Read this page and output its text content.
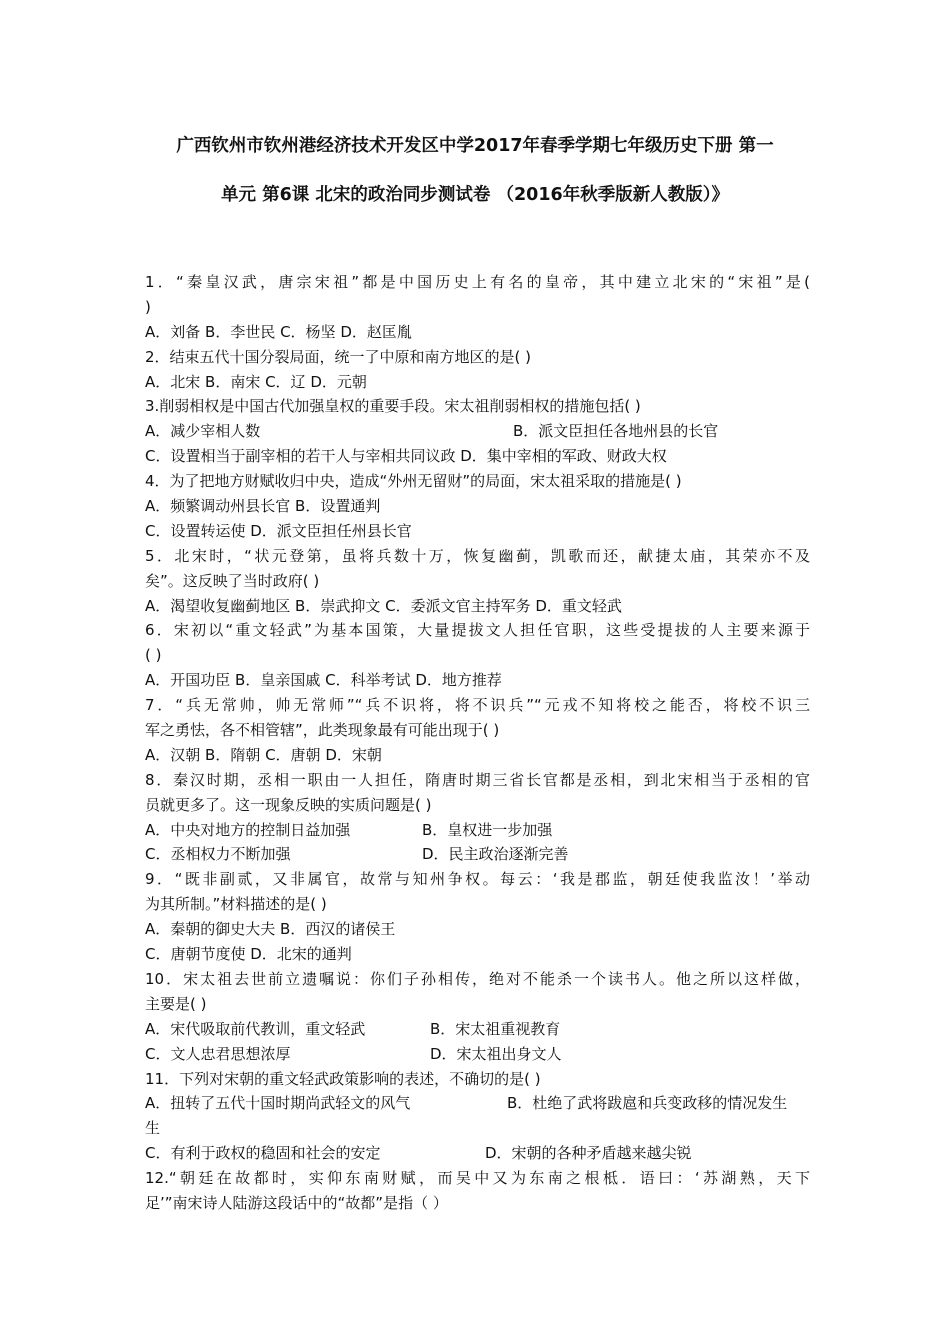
广西钦州市钦州港经济技术开发区中学2017年春季学期七年级历史下册 第一
单元 第6课 北宋的政治同步测试卷 （2016年秋季版新人教版）》
1．“秦皇汉武，唐宗宋祖”都是中国历史上有名的皇帝，其中建立北宋的“宋祖”是(
)
A．刘备 B．李世民 C．杨坚 D．赵匡胤
2．结束五代十国分裂局面，统一了中原和南方地区的是( )
A．北宋 B．南宋 C．辽 D．元朝
3.削弱相权是中国古代加强皇权的重要手段。宋太祖削弱相权的措施包括( )
A．减少宰相人数	B．派文臣担任各地州县的长官
C．设置相当于副宰相的若干人与宰相共同议政 D．集中宰相的军政、财政大权
4．为了把地方财赋收归中央，造成“外州无留财”的局面，宋太祖采取的措施是( )
A．频繁调动州县长官 B．设置通判
C．设置转运使 D．派文臣担任州县长官
5．北宋时，“状元登第，虽将兵数十万，恢复幽蓟，凯歌而还，献捷太庙，其荣亦不及
矣”。这反映了当时政府( )
A．渴望收复幽蓟地区 B．崇武抑文 C．委派文官主持军务 D．重文轻武
6．宋初以“重文轻武”为基本国策，大量提拔文人担任官职，这些受提拔的人主要来源于
( )
A．开国功臣 B．皇亲国戚 C．科举考试 D．地方推荐
7．“兵无常帅，帅无常师”“兵不识将，将不识兵”“元戎不知将校之能否，将校不识三
军之勇怯，各不相管辖”，此类现象最有可能出现于( )
A．汉朝 B．隋朝 C．唐朝 D．宋朝
8．秦汉时期，丞相一职由一人担任，隋唐时期三省长官都是丞相，到北宋相当于丞相的官
员就更多了。这一现象反映的实质问题是( )
A．中央对地方的控制日益加强	B．皇权进一步加强
C．丞相权力不断加强	D．民主政治逐渐完善
9．“既非副贰，又非属官，故常与知州争权。每云：‘我是郡监，朝廷使我监汝！’举动
为其所制。”材料描述的是( )
A．秦朝的御史大夫 B．西汉的诸侯王
C．唐朝节度使 D．北宋的通判
10．宋太祖去世前立遗嘱说：你们子孙相传，绝对不能杀一个读书人。他之所以这样做，
主要是( )
A．宋代吸取前代教训，重文轻武	B．宋太祖重视教育
C．文人忠君思想浓厚	D．宋太祖出身文人
11．下列对宋朝的重文轻武政策影响的表述，不确切的是( )
A．扭转了五代十国时期尚武轻文的风气	B．杜绝了武将跋扈和兵变政移的情况发生
生
C．有利于政权的稳固和社会的安定	D．宋朝的各种矛盾越来越尖锐
12.“朝廷在故都时，实仰东南财赋，而吴中又为东南之根柢．语曰：‘苏湖熟，天下
足’”南宋诗人陆游这段话中的“故都”是指（ ）
